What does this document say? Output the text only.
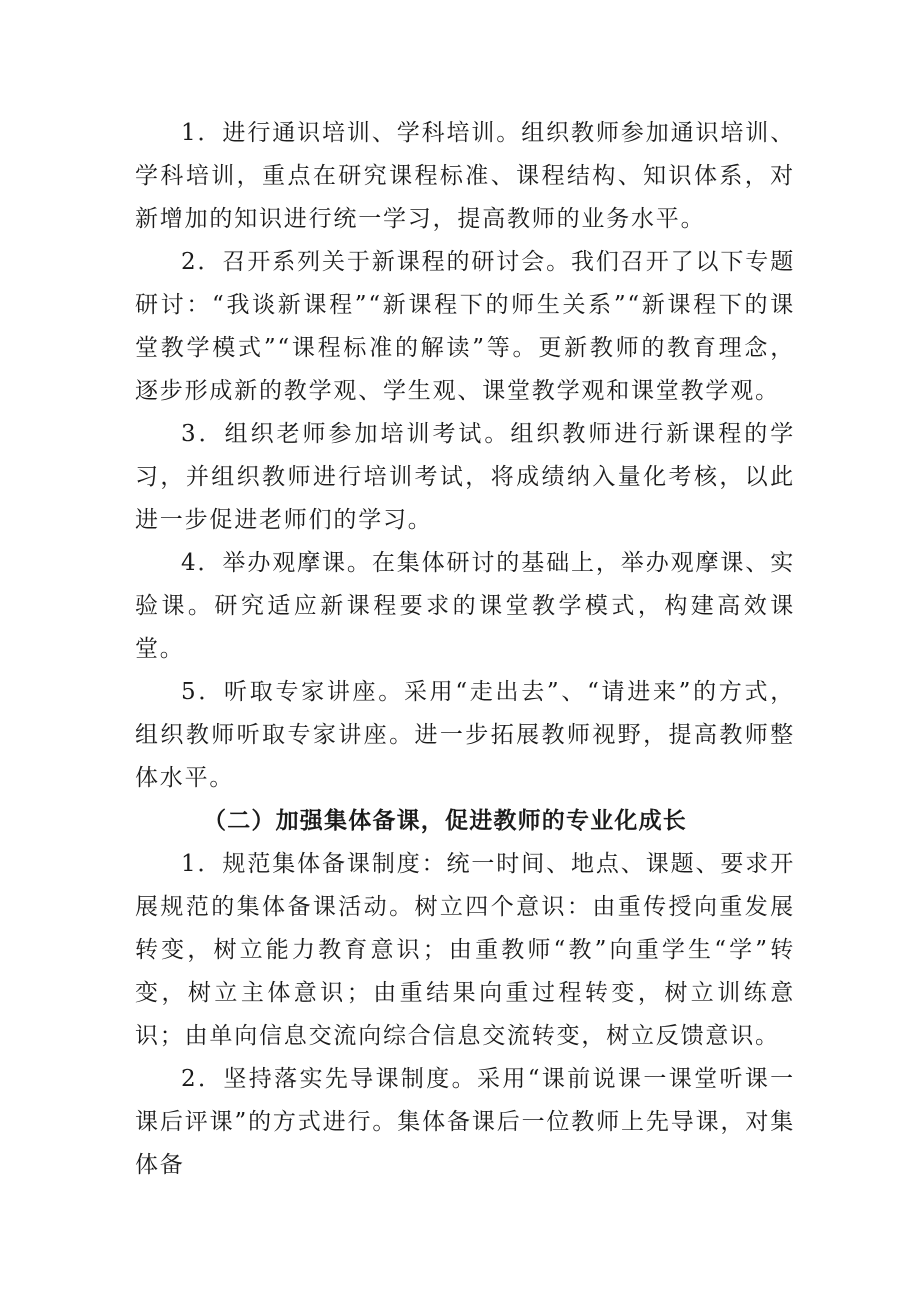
1．进行通识培训、学科培训。组织教师参加通识培训、学科培训，重点在研究课程标准、课程结构、知识体系，对新增加的知识进行统一学习，提高教师的业务水平。

2．召开系列关于新课程的研讨会。我们召开了以下专题研讨：“我谈新课程”“新课程下的师生关系”“新课程下的课堂教学模式”“课程标准的解读”等。更新教师的教育理念，逐步形成新的教学观、学生观、课堂教学观和课堂教学观。

3．组织老师参加培训考试。组织教师进行新课程的学习，并组织教师进行培训考试，将成绩纳入量化考核，以此进一步促进老师们的学习。

4．举办观摩课。在集体研讨的基础上，举办观摩课、实验课。研究适应新课程要求的课堂教学模式，构建高效课堂。

5．听取专家讲座。采用“走出去”、“请进来”的方式，组织教师听取专家讲座。进一步拓展教师视野，提高教师整体水平。

（二）加强集体备课，促进教师的专业化成长

1．规范集体备课制度：统一时间、地点、课题、要求开展规范的集体备课活动。树立四个意识：由重传授向重发展转变，树立能力教育意识；由重教师“教”向重学生“学”转变，树立主体意识；由重结果向重过程转变，树立训练意识；由单向信息交流向综合信息交流转变，树立反馈意识。

2．坚持落实先导课制度。采用“课前说课一课堂听课一课后评课”的方式进行。集体备课后一位教师上先导课，对集体备
